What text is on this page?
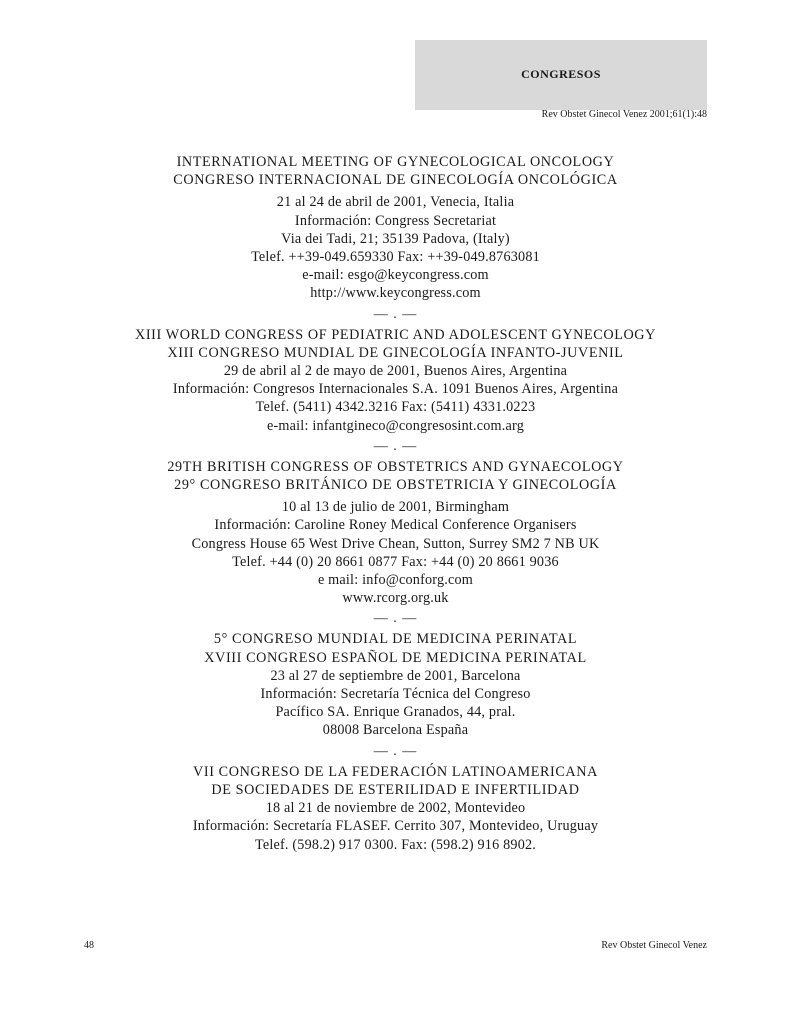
CONGRESOS
Rev Obstet Ginecol Venez 2001;61(1):48
INTERNATIONAL MEETING OF GYNECOLOGICAL ONCOLOGY
CONGRESO INTERNACIONAL DE GINECOLOGÍA ONCOLÓGICA
21 al 24 de abril de 2001, Venecia, Italia
Información: Congress Secretariat
Via dei Tadi, 21; 35139 Padova, (Italy)
Telef. ++39-049.659330 Fax: ++39-049.8763081
e-mail: esgo@keycongress.com
http://www.keycongress.com
— . —
XIII WORLD CONGRESS OF PEDIATRIC AND ADOLESCENT GYNECOLOGY
XIII CONGRESO MUNDIAL DE GINECOLOGÍA INFANTO-JUVENIL
29 de abril al 2 de mayo de 2001, Buenos Aires, Argentina
Información: Congresos Internacionales S.A. 1091 Buenos Aires, Argentina
Telef. (5411) 4342.3216 Fax: (5411) 4331.0223
e-mail: infantgineco@congresosint.com.arg
— . —
29TH BRITISH CONGRESS OF OBSTETRICS AND GYNAECOLOGY
29° CONGRESO BRITÁNICO DE OBSTETRICIA Y GINECOLOGÍA
10 al 13 de julio de 2001, Birmingham
Información: Caroline Roney Medical Conference Organisers
Congress House 65 West Drive Chean, Sutton, Surrey SM2 7 NB UK
Telef. +44 (0) 20 8661 0877 Fax: +44 (0) 20 8661 9036
e mail: info@conforg.com
www.rcorg.org.uk
— . —
5° CONGRESO MUNDIAL DE MEDICINA PERINATAL
XVIII CONGRESO ESPAÑOL DE MEDICINA PERINATAL
23 al 27 de septiembre de 2001, Barcelona
Información: Secretaría Técnica del Congreso
Pacífico SA. Enrique Granados, 44, pral.
08008 Barcelona España
— . —
VII CONGRESO DE LA FEDERACIÓN LATINOAMERICANA
DE SOCIEDADES DE ESTERILIDAD E INFERTILIDAD
18 al 21 de noviembre de 2002, Montevideo
Información: Secretaría FLASEF. Cerrito 307, Montevideo, Uruguay
Telef. (598.2) 917 0300. Fax: (598.2) 916 8902.
48	Rev Obstet Ginecol Venez
